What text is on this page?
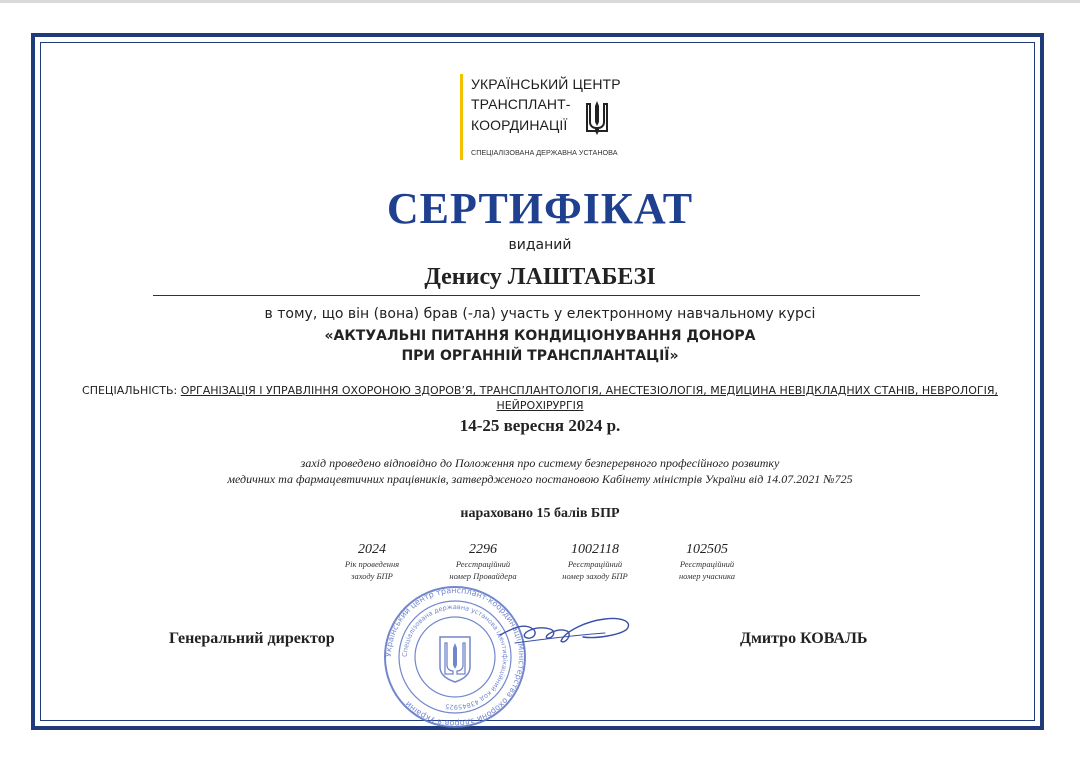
УКРАЇНСЬКИЙ ЦЕНТР
ТРАНСПЛАНТ-
КООРДИНАЦІЇ
СПЕЦІАЛІЗОВАНА ДЕРЖАВНА УСТАНОВА
СЕРТИФІКАТ
виданий
Денису ЛАШТАБЕЗІ
в тому, що він (вона) брав (-ла) участь у електронному навчальному курсі
«АКТУАЛЬНІ ПИТАННЯ КОНДИЦІОНУВАННЯ ДОНОРА
ПРИ ОРГАННІЙ ТРАНСПЛАНТАЦІЇ»
СПЕЦІАЛЬНІСТЬ: ОРГАНІЗАЦІЯ І УПРАВЛІННЯ ОХОРОНОЮ ЗДОРОВ’Я, ТРАНСПЛАНТОЛОГІЯ, АНЕСТЕЗІОЛОГІЯ, МЕДИЦИНА НЕВІДКЛАДНИХ СТАНІВ, НЕВРОЛОГІЯ, НЕЙРОХІРУРГІЯ
14-25 вересня 2024 р.
захід проведено відповідно до Положення про систему безперервного професійного розвитку
медичних та фармацевтичних працівників, затвердженого постановою Кабінету міністрів України від 14.07.2021 №725
нараховано 15 балів БПР
2024
Рік проведення
заходу БПР
2296
Реєстраційний
номер Провайдера
1002118
Реєстраційний
номер заходу БПР
102505
Реєстраційний
номер учасника
Генеральний директор	Дмитро КОВАЛЬ
Український центр трансплант-координації Міністерства охорони здоров'я України
Спеціалізована державна установа ідентифікаційний код 43845925
